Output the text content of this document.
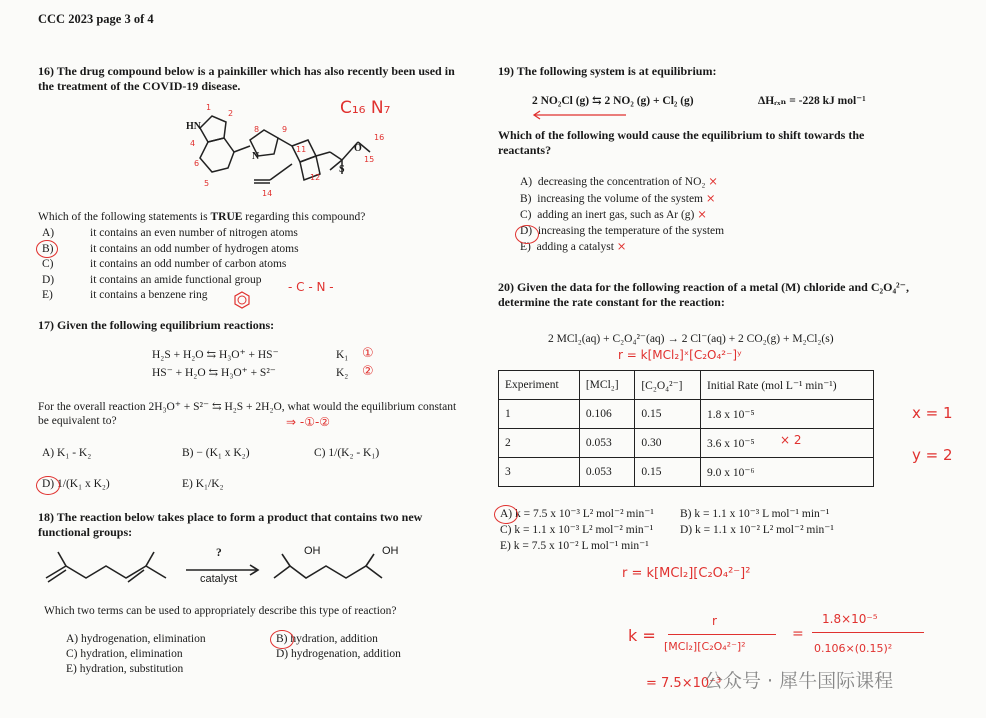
CCC 2023 page 3 of 4
16) The drug compound below is a painkiller which has also recently been used in the treatment of the COVID-19 disease.
1
2
4
6
5
8	9
11
12
14
16
15
HN
N
S
O
C₁₆ N₇
Which of the following statements is TRUE regarding this compound?
A)	it contains an even number of nitrogen atoms
B)	it contains an odd number of hydrogen atoms
C)	it contains an odd number of carbon atoms
D)	it contains an amide functional group
E)	it contains a benzene ring
- C - N -
17) Given the following equilibrium reactions:
H₂S + H₂O ⇆ H₃O⁺ + HS⁻	K₁ ①
HS⁻ + H₂O ⇆ H₃O⁺ + S²⁻	K₂ ②
For the overall reaction 2H₃O⁺ + S²⁻ ⇆ H₂S + 2H₂O, what would the equilibrium constant be equivalent to?	⇒ -①-②
A) K₁ - K₂	B) − (K₁ x K₂)	C) 1/(K₂ - K₁)
D) 1/(K₁ x K₂)	E) K₁/K₂
18) The reaction below takes place to form a product that contains two new functional groups:
?
catalyst
OH	OH
Which two terms can be used to appropriately describe this type of reaction?
A) hydrogenation, elimination	B) hydration, addition
C) hydration, elimination	D) hydrogenation, addition
E) hydration, substitution
19) The following system is at equilibrium:
2 NO₂Cl (g) ⇆ 2 NO₂ (g) + Cl₂ (g)	ΔHᵣₓₙ = -228 kJ mol⁻¹
Which of the following would cause the equilibrium to shift towards the reactants?
A) decreasing the concentration of NO₂ ×
B) increasing the volume of the system ×
C) adding an inert gas, such as Ar (g) ×
D) increasing the temperature of the system
E) adding a catalyst ×
20) Given the data for the following reaction of a metal (M) chloride and C₂O₄²⁻, determine the rate constant for the reaction:
2 MCl₂(aq) + C₂O₄²⁻(aq) → 2 Cl⁻(aq) + 2 CO₂(g) + M₂Cl₂(s)
r = k[MCl₂]ˣ[C₂O₄²⁻]ʸ
Experiment	[MCl₂]	[C₂O₄²⁻]	Initial Rate (mol L⁻¹ min⁻¹)
1	0.106	0.15	1.8 x 10⁻⁵
2	0.053	0.30	3.6 x 10⁻⁵
3	0.053	0.15	9.0 x 10⁻⁶
× 2
x = 1
y = 2
A) k = 7.5 x 10⁻³ L² mol⁻² min⁻¹ B) k = 1.1 x 10⁻³ L mol⁻¹ min⁻¹
C) k = 1.1 x 10⁻³ L² mol⁻² min⁻¹ D) k = 1.1 x 10⁻² L² mol⁻² min⁻¹
E) k = 7.5 x 10⁻² L mol⁻¹ min⁻¹
r = k[MCl₂][C₂O₄²⁻]²
k =
r
[MCl₂][C₂O₄²⁻]²
=
1.8×10⁻⁵
0.106×(0.15)²
= 7.5×10⁻³
公众号 · 犀牛国际课程
